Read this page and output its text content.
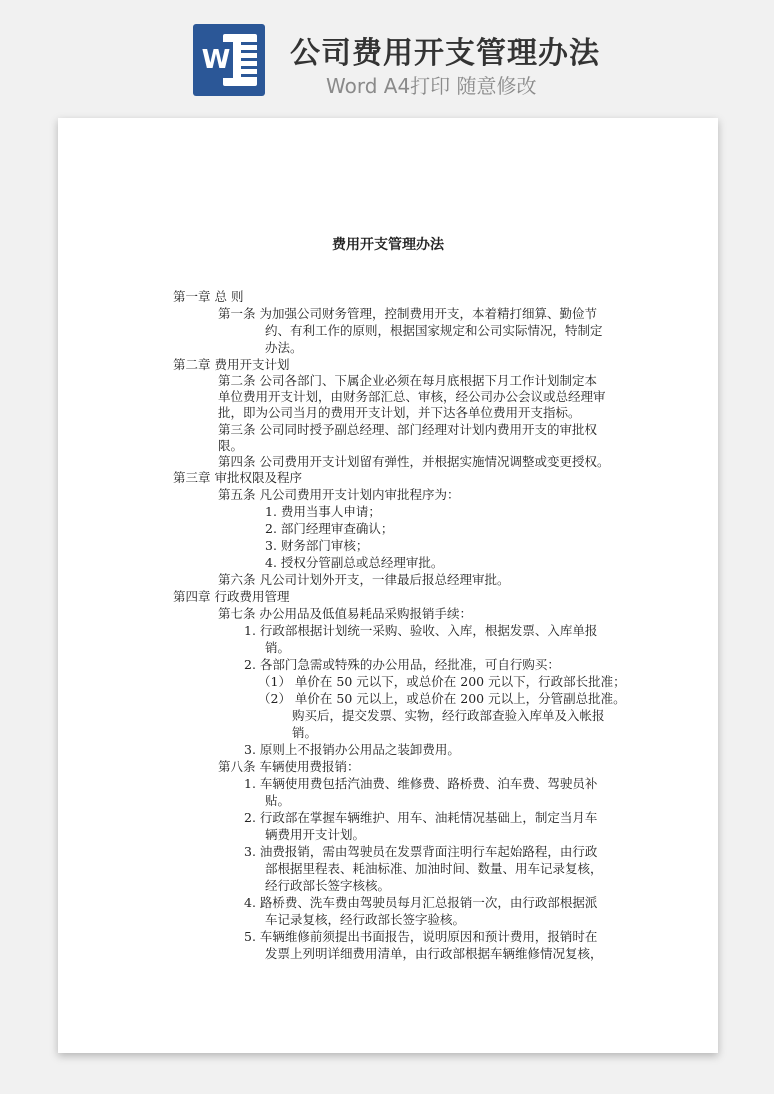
W 公司费用开支管理办法
Word A4打印 随意修改
费用开支管理办法
第一章 总 则
第一条 为加强公司财务管理，控制费用开支，本着精打细算、勤俭节
约、有利工作的原则，根据国家规定和公司实际情况，特制定
办法。
第二章 费用开支计划
第二条 公司各部门、下属企业必须在每月底根据下月工作计划制定本
单位费用开支计划，由财务部汇总、审核，经公司办公会议或总经理审
批，即为公司当月的费用开支计划，并下达各单位费用开支指标。
第三条 公司同时授予副总经理、部门经理对计划内费用开支的审批权
限。
第四条 公司费用开支计划留有弹性，并根据实施情况调整或变更授权。
第三章 审批权限及程序
第五条 凡公司费用开支计划内审批程序为：
1. 费用当事人申请；
2. 部门经理审查确认；
3. 财务部门审核；
4. 授权分管副总或总经理审批。
第六条 凡公司计划外开支，一律最后报总经理审批。
第四章 行政费用管理
第七条 办公用品及低值易耗品采购报销手续：
1. 行政部根据计划统一采购、验收、入库，根据发票、入库单报
销。
2. 各部门急需或特殊的办公用品，经批准，可自行购买：
（1） 单价在 50 元以下，或总价在 200 元以下，行政部长批准；
（2） 单价在 50 元以上，或总价在 200 元以上，分管副总批准。
购买后，提交发票、实物，经行政部查验入库单及入帐报
销。
3. 原则上不报销办公用品之装卸费用。
第八条 车辆使用费报销：
1. 车辆使用费包括汽油费、维修费、路桥费、泊车费、驾驶员补
贴。
2. 行政部在掌握车辆维护、用车、油耗情况基础上，制定当月车
辆费用开支计划。
3. 油费报销，需由驾驶员在发票背面注明行车起始路程，由行政
部根据里程表、耗油标准、加油时间、数量、用车记录复核，
经行政部长签字核核。
4. 路桥费、洗车费由驾驶员每月汇总报销一次，由行政部根据派
车记录复核，经行政部长签字验核。
5. 车辆维修前须提出书面报告，说明原因和预计费用，报销时在
发票上列明详细费用清单，由行政部根据车辆维修情况复核，
